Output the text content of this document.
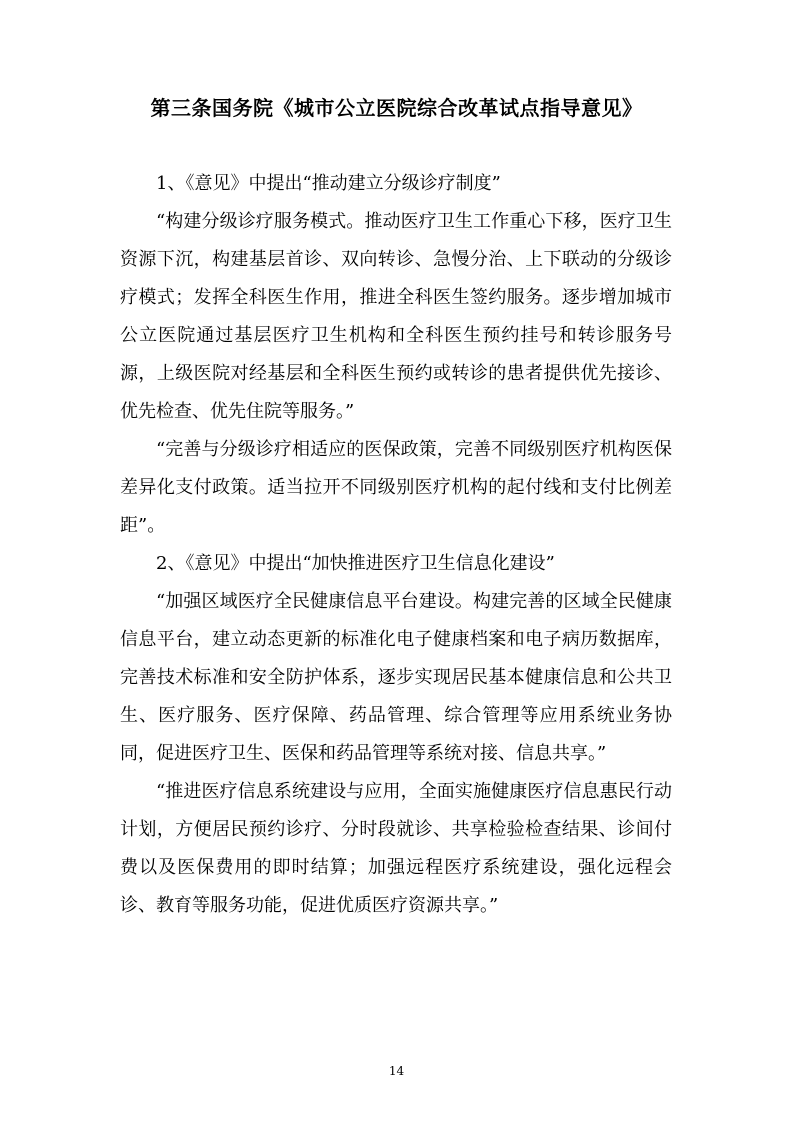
第三条国务院《城市公立医院综合改革试点指导意见》

1、《意见》中提出“推动建立分级诊疗制度”

“构建分级诊疗服务模式。推动医疗卫生工作重心下移，医疗卫生资源下沉，构建基层首诊、双向转诊、急慢分治、上下联动的分级诊疗模式；发挥全科医生作用，推进全科医生签约服务。逐步增加城市公立医院通过基层医疗卫生机构和全科医生预约挂号和转诊服务号源，上级医院对经基层和全科医生预约或转诊的患者提供优先接诊、优先检查、优先住院等服务。”

“完善与分级诊疗相适应的医保政策，完善不同级别医疗机构医保差异化支付政策。适当拉开不同级别医疗机构的起付线和支付比例差距”。

2、《意见》中提出“加快推进医疗卫生信息化建设”

“加强区域医疗全民健康信息平台建设。构建完善的区域全民健康信息平台，建立动态更新的标准化电子健康档案和电子病历数据库，完善技术标准和安全防护体系，逐步实现居民基本健康信息和公共卫生、医疗服务、医疗保障、药品管理、综合管理等应用系统业务协同，促进医疗卫生、医保和药品管理等系统对接、信息共享。”

“推进医疗信息系统建设与应用，全面实施健康医疗信息惠民行动计划，方便居民预约诊疗、分时段就诊、共享检验检查结果、诊间付费以及医保费用的即时结算；加强远程医疗系统建设，强化远程会诊、教育等服务功能，促进优质医疗资源共享。”

14
